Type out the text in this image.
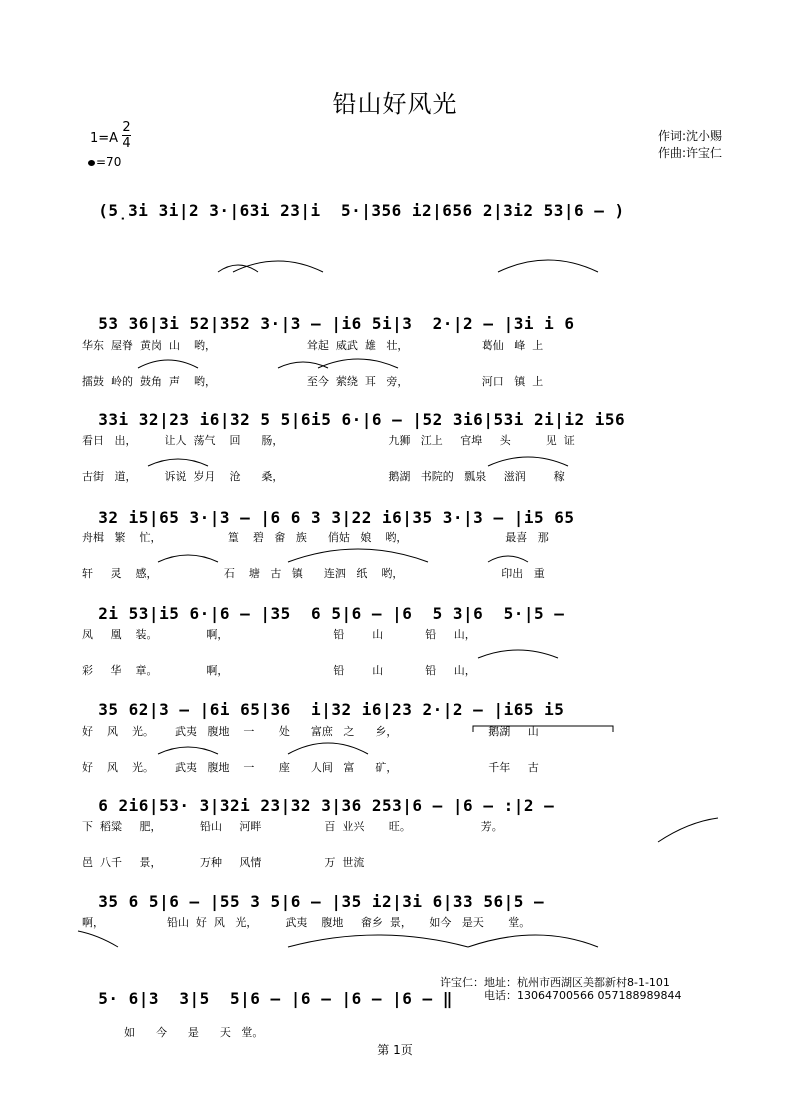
铅山好风光
1=A
2
4
=70
作词:沈小赐
作曲:许宝仁

(5̣3i 3i|2 3·|63i 23|i  5·|356 i2|656 2|3i2 53|6 – )

53 36|3i 52|352 3·|3 – |i6 5i|3  2·|2 – |3i i 6

华东  屋脊  黄岗  山    哟，                          耸起  威武  雄   壮，                     葛仙   峰  上

擂鼓  岭的  鼓角  声    哟，                          至今  萦绕  耳   旁，                     河口   镇  上

33i 32|23 i6|32 5 5|6i5 6·|6 – |52 3i6|53i 2i|i2 i56

看日   出，        让人  荡气    回      肠，                              九狮   江上     官埠     头          见  证

古街   道，        诉说  岁月    沧      桑，                              鹅湖   书院的   瓢泉     滋润        稼

32 i5|65 3·|3 – |6 6 3 3|22 i6|35 3·|3 – |i5 65

舟楫   繁    忙，                   篁    碧   畲   族      俏姑   娘    哟，                            最喜   那

轩     灵    感，                   石    塘   古   镇      连泗   纸    哟，                            印出   重

2i 53|i5 6·|6 – |35  6 5|6 – |6  5 3|6  5·|5 –

凤     凰    装。              啊，                              铅        山            铅     山，

彩     华    章。              啊，                              铅        山            铅     山，

35 62|3 – |6i 65|36  i|32 i6|23 2·|2 – |i65 i5

好    风    光。      武夷   腹地    一       处      富庶   之      乡，                          鹅湖     山

好    风    光。      武夷   腹地    一       座      人间   富      矿，                          千年     古

6 2i6|53· 3|32i 23|32 3|36 253|6 – |6 – :|2 –

下  稻粱     肥，           铅山     河畔                  百  业兴       旺。                    芳。

邑  八千     景，           万种     风情                  万  世流

35 6 5|6 – |55 3 5|6 – |35 i2|3i 6|33 56|5 –

啊，                  铅山  好  风   光，        武夷    腹地     畲乡  景，     如今   是天       堂。

5· 6|3  3|5  5|6 – |6 – |6 – |6 – ‖

如      今      是      天   堂。

许宝仁：地址：杭州市西湖区美都新村8-1-101
电话：13064700566 057188989844
第 1页
